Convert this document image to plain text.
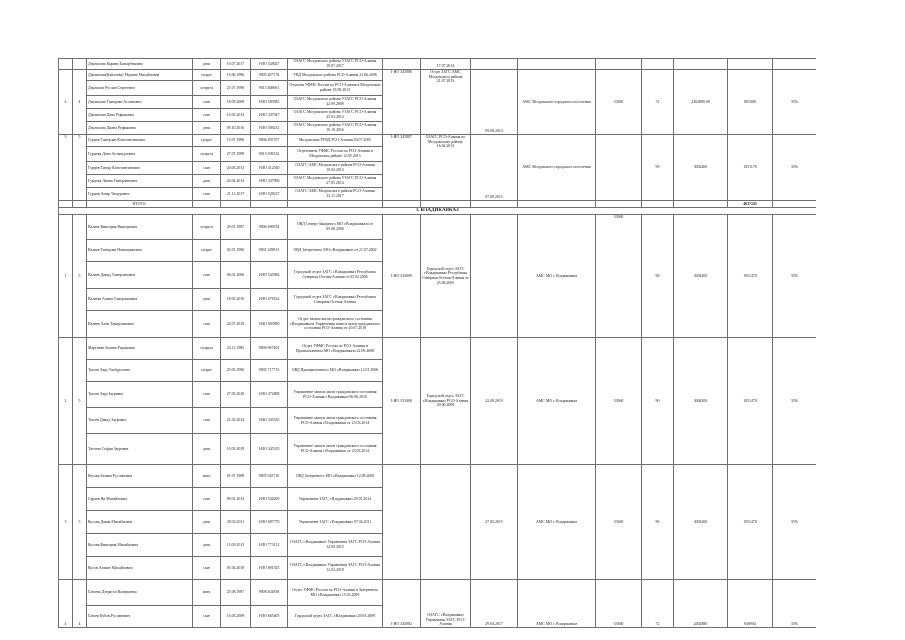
		Дзилихова Карина Батырбековна	дочь	10.07.2017	I-ИО 528027	ОЗАГС Моздокского района УЗАГС РСО-Алания 19.07.2017		17.07.2014							
4	4	Дзилихова(Кавлоева) Мадина Михайловна	супруг	16.06.1986	9005 467176	УВД Моздокского района РСО-Алания 21.06.2006	I-ИО 345886	Отдел ЗАГС АМС Моздокского района 21.07.2013	09.08.2014	АМС Моздокского городского поселения	33360	72	2402880.00	801008	35%
		Дзилихов Руслан Сергеевич	супруга	21.07.1990	9013 468061	Отделом УФМС России по РСО-Алания в Моздокском районе 19.08.2013									
		Дзилихова Тамерлан Асланович	сын	18.09.2009	I-ИО 509585	ОЗАГС Моздокского района УЗАГС РСО-Алания 22.09.2009									
		Дзилихова Дана Руфиковна	сын	10.03.2014	I-ИО 347947	ОЗАГС Моздокского района УЗАГС РСО-Алания 25.03.2014									
		Дзилихова Диана Руфиковна	дочь	09.10.2016	I-ИО 509231	ОЗАГС Моздокского района УЗАГС РСО-Алания 10.10.2016									
5	5	Гурцев Тамерлан Константинович	супруг	15.07.1986	9006 495707	Моздокским РУВД РСО-Алания 26.07.2005	I-ИО 345887	ОЗАГС РСО-Алания по Моздокскому району 16.04.2013	07.08.2015	АМС Моздокского городского поселения		90	3002400	1051170	35%
		Гурцева Дана Асламурзовна	супруга	27.07.1989	9013 509232	Отделением УФМС России по РСО-Алания в Моздокском районе 12.05.2013									
		Гурцев Тимур Константинович	сын	20.03.2013	I-ИО 312540	ОЗАГС АМС Моздокского района РСО-Алания 10.04.2013									
		Гурцева Лиана Тамерлановна	дочь	24.04.2014	I-ИО 347996	ОЗАГС Моздокского района УЗАГС РСО-Алания 27.05.2014									
		Гурцев Амир Тимурович	сын	21.11.2017	I-ИО 528237	ОЗАГС АМС Моздокского района РСО-Алания 23.11.2017									
		ИТОГО:												4637245	
г. ВЛАДИКАВКАЗ															
1	5	Вазиев Виктория Викторовна	супруга	29.01.1987	9006 490054	ОВД Северо-Западного МО г.Владикавказа от 05.06.2006	I-ИО 523690	Городской отдел ЗАГС г.Владикавказ Республика Северная Осетия-Алания от 25.06.2005		АМС МО г. Владикавказ	33360	90	3004200	1051470	35%
		Вазиев Тамерлан Нанапукыевич	супруг	02.01.1986	9001 329813	ОВД Затеречного МО г.Владикавказ от 21.07.2002									
		Вазиев Давид Тамерланович	сын	06.01.2006	I-ИО 543984	Городской отдел ЗАГС г.Владикавказ Республика Северная Осетия-Алания от 05.02.2006									
		Вазиева Алина Тамерлановна	дочь	18.03.2010	I-ИО 678162	Городской отдел ЗАГС г.Владикавказ Республика Северная Осетия-Алания									
		Вазиев Алан Тамерланович	сын	24.07.2018	I-ИО 603890	Отдел записи актов гражданского состояния г.Владикавказа Управления записи актов гражданского состояния РСО-Алания от 20.07.2018									
2	5	Маргиева Залина Радиковна	супруга	23.11.1985	9006 967402	Отдел УФМС России по РСО-Алания в Промышленном МО г.Владикавказа 22.09.2008	I-ИО 553408	Городской отдел ЗАГС г.Владикавказ РСО-Алания 20.06.2009	22.09.2019	АМС МО г. Владикавказ	33360	90	3004200	1051470	35%
		Тагоев Заур Эльбрусович	супруг	25.03.1986	9005 717715	ОВД Промышленного МО г.Владикавказ 13.01.2006									
		Тагоев Заур Зауревич	сын	27.05.2010	I-ИО 472808	Управление записи актов гражданского состояния РСО-Алания г.Владикавказ 06.06.2010									
		Тагоев Давид Заурович	сын	21.03.2014	I-ИО 345335	Управление записи актов гражданского состояния РСО-Алания г.Владикавказ от 25.03.2014									
		Тагоева София Зауревна	дочь	10.03.2018	I-ИО 345335	Управление записи актов гражданского состояния РСО-Алания г.Владикавказ от 23.03.2014									
3	5	Кусова Залина Руслановна	мать	01.07.1988	9005 545716	ОВД Затеречного МО г.Владикавказ 12.08.2006			27.03.2015	АМС МО г. Владикавказ	33360	90	3004200	1051470	35%
		Сараев Ян Михайлович	сын	09.01.2014	I-ИО 534209	Управление ЗАГС г.Владикавказ 29.01.2014									
		Кусова Даяна Михайловна	дочь	29.03.2011	I-ИО 687770	Управление ЗАГС г.Владикавказ 07.04.2011									
		Кусова Виктория Михайловна	дочь	11.09.2015	I-ИО 773112	ОЗАГС г.Владикавказ Управления ЗАГС РСО-Алания 14.09.2015									
		Кусов Азамат Михайлович	сын	01.04.2018	I-ИО 801925	ОЗАГС г.Владикавказ Управления ЗАГС РСО-Алания 12.04.2018									
4	4	Гагоева Дзерасса Валерьевна	мать	25.08.1987	9008 402858	Отдел УФМС России по РСО-Алания в Затеречном МО г.Владикавказ 15.03.2009	I-ИО 345882	ОЗАГС г.Владикавказ Управления ЗАГС РСО-Алания	29.04.2017	АМС МО г. Владикавказ	33360	72	2402880	840904	35%
		Гагоев Кубан Русланович	сын	16.03.2009	I-ИО 665405	Городской отдел ЗАГС г.Владикавказ 29.03.2009									
